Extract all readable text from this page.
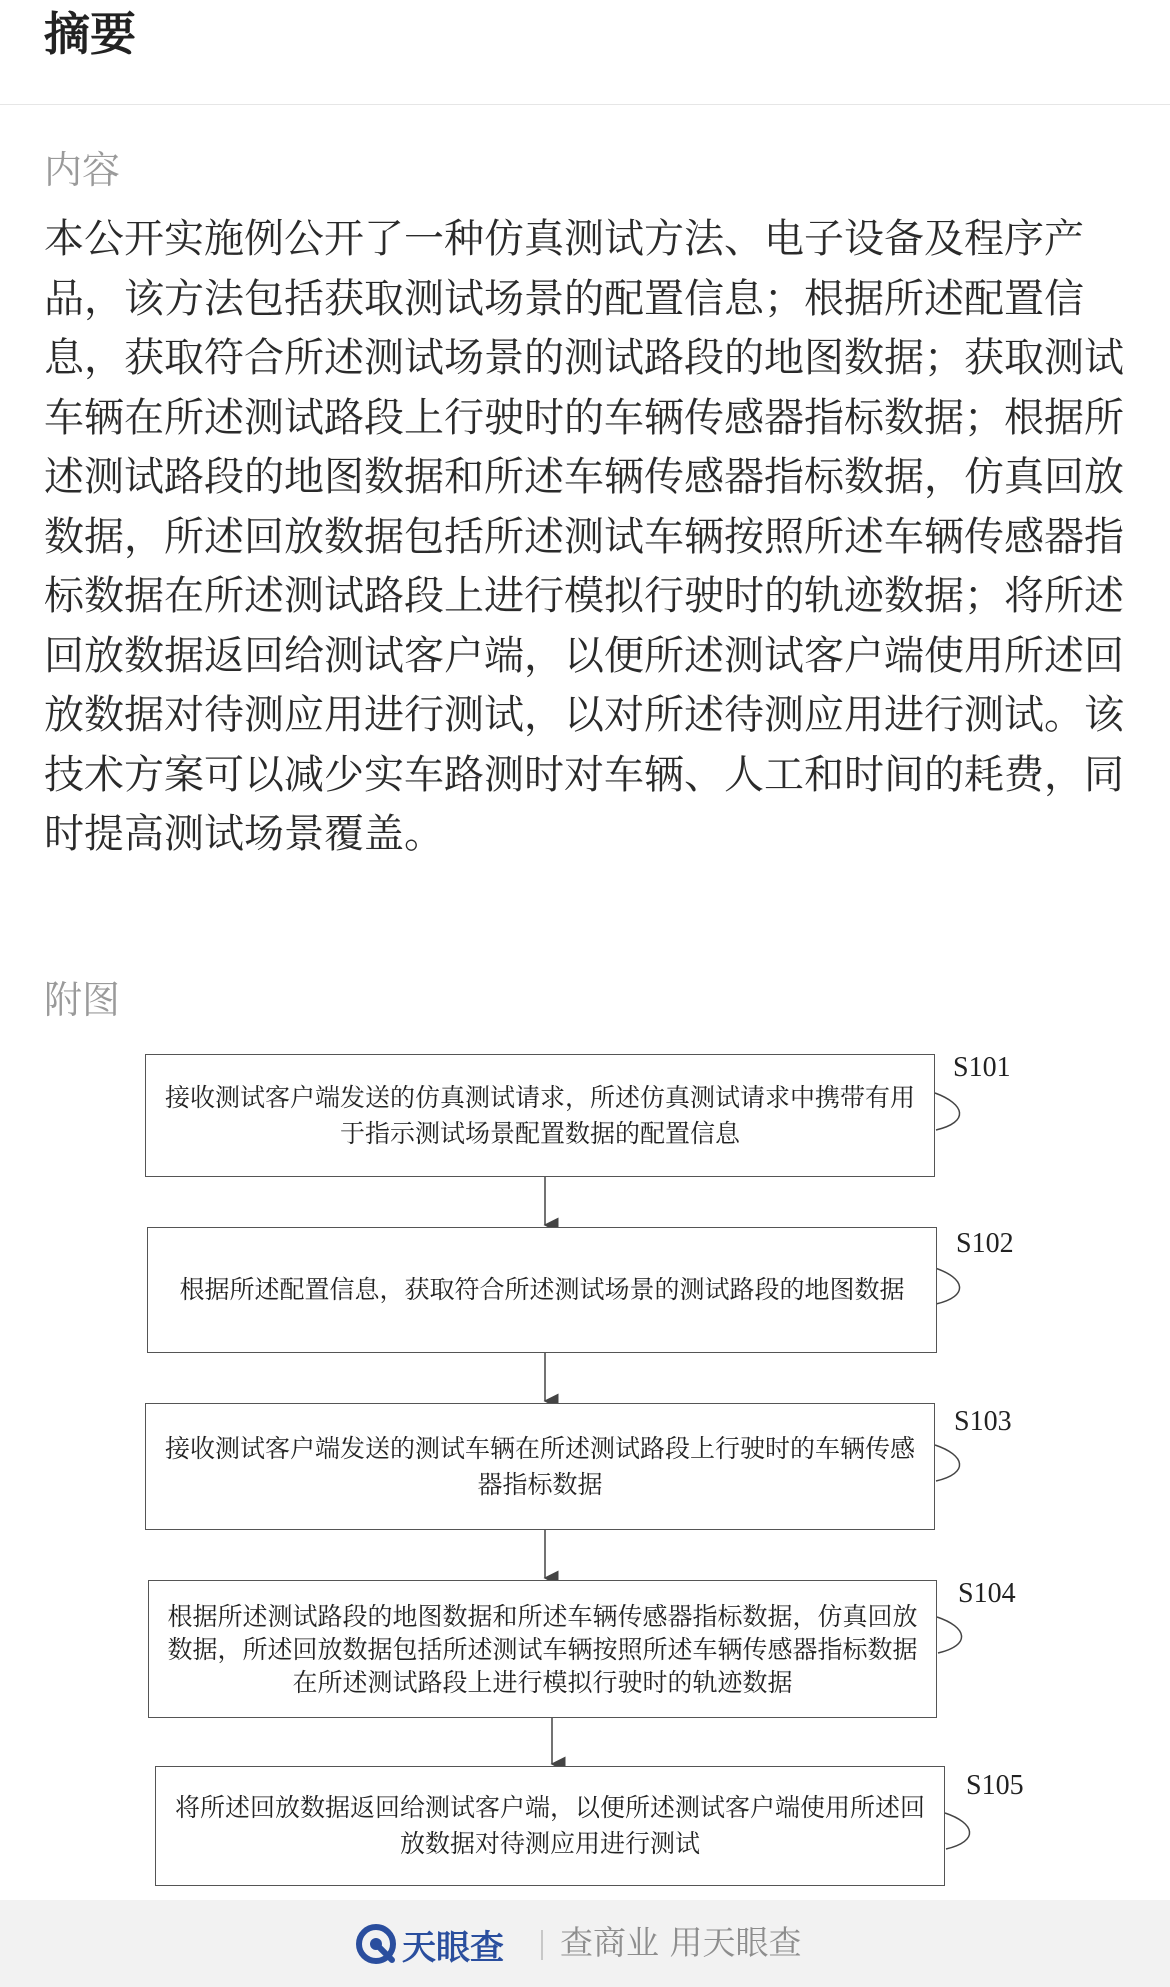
摘要
内容

本公开实施例公开了一种仿真测试方法、电子设备及程序产品，该方法包括获取测试场景的配置信息；根据所述配置信息，获取符合所述测试场景的测试路段的地图数据；获取测试车辆在所述测试路段上行驶时的车辆传感器指标数据；根据所述测试路段的地图数据和所述车辆传感器指标数据，仿真回放数据，所述回放数据包括所述测试车辆按照所述车辆传感器指标数据在所述测试路段上进行模拟行驶时的轨迹数据；将所述回放数据返回给测试客户端，以便所述测试客户端使用所述回放数据对待测应用进行测试，以对所述待测应用进行测试。该技术方案可以减少实车路测时对车辆、人工和时间的耗费，同时提高测试场景覆盖。

附图
接收测试客户端发送的仿真测试请求，所述仿真测试请求中携带有用于指示测试场景配置数据的配置信息
S101
根据所述配置信息，获取符合所述测试场景的测试路段的地图数据
S102
接收测试客户端发送的测试车辆在所述测试路段上行驶时的车辆传感器指标数据
S103
根据所述测试路段的地图数据和所述车辆传感器指标数据，仿真回放数据，所述回放数据包括所述测试车辆按照所述车辆传感器指标数据在所述测试路段上进行模拟行驶时的轨迹数据
S104
将所述回放数据返回给测试客户端，以便所述测试客户端使用所述回放数据对待测应用进行测试
S105
天眼查 查商业 用天眼查
